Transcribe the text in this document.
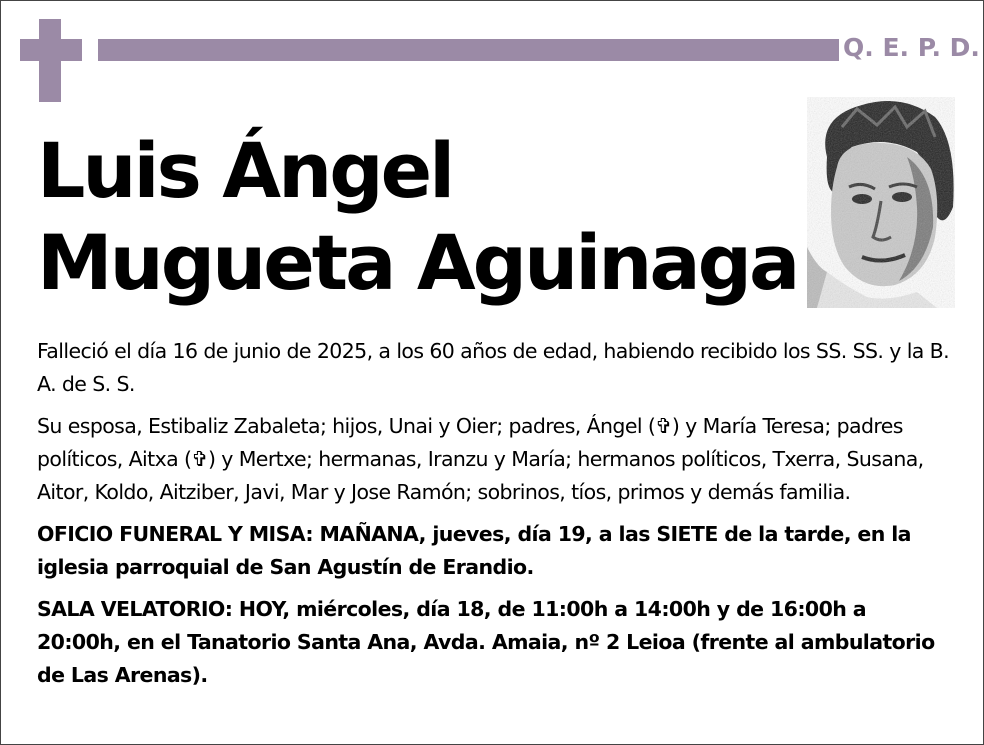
Q. E. P. D.
Luis Ángel
Mugueta Aguinaga

Falleció el día 16 de junio de 2025, a los 60 años de edad, habiendo recibido los SS. SS. y la B. A. de S. S.

Su esposa, Estibaliz Zabaleta; hijos, Unai y Oier; padres, Ángel (✞) y María Teresa; padres políticos, Aitxa (✞) y Mertxe; hermanas, Iranzu y María; hermanos políticos, Txerra, Susana, Aitor, Koldo, Aitziber, Javi, Mar y Jose Ramón; sobrinos, tíos, primos y demás familia.

OFICIO FUNERAL Y MISA: MAÑANA, jueves, día 19, a las SIETE de la tarde, en la iglesia parroquial de San Agustín de Erandio.

SALA VELATORIO: HOY, miércoles, día 18, de 11:00h a 14:00h y de 16:00h a 20:00h, en el Tanatorio Santa Ana, Avda. Amaia, nº 2 Leioa (frente al ambulatorio de Las Arenas).
